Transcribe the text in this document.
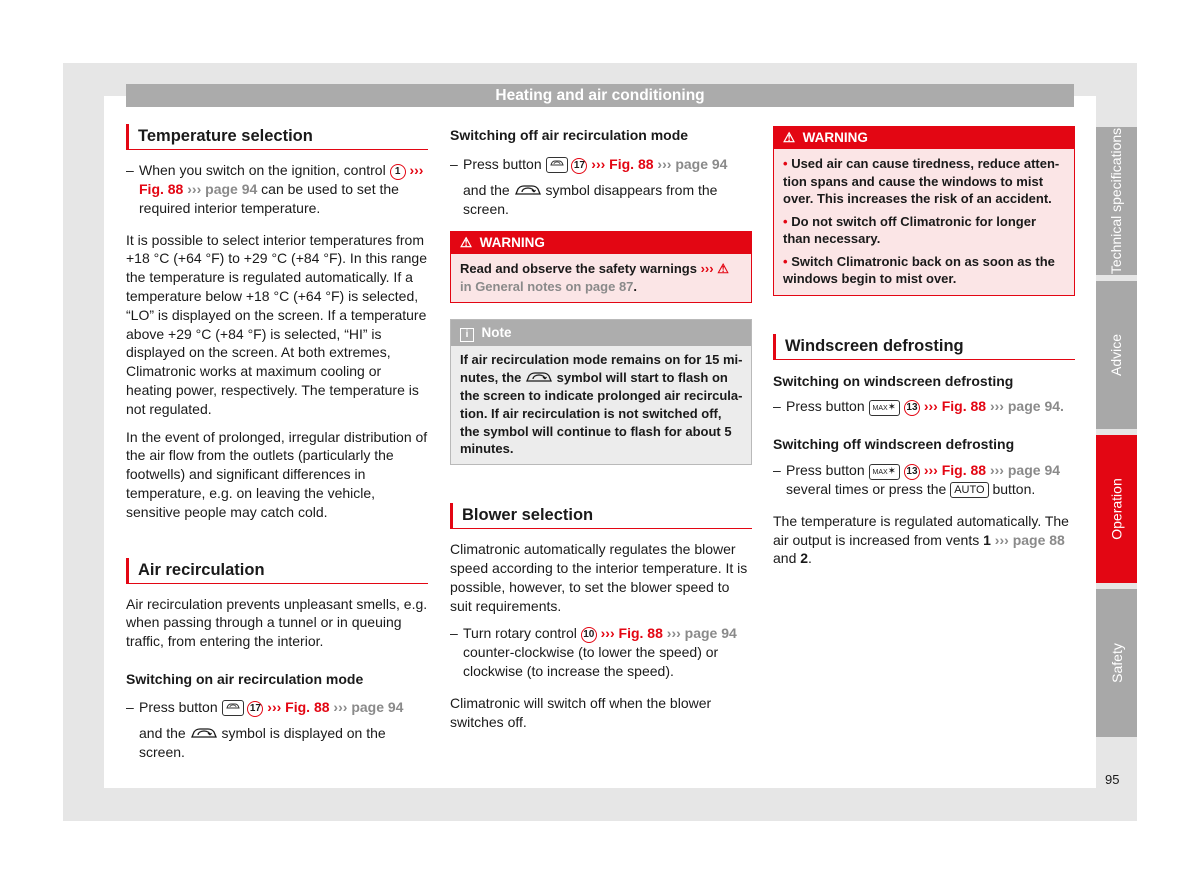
Heating and air conditioning
Temperature selection
– When you switch on the ignition, control 1 ››› Fig. 88 ››› page 94 can be used to set the required interior temperature.

It is possible to select interior temperatures from +18 °C (+64 °F) to +29 °C (+84 °F). In this range the temperature is regulated automatically. If a temperature below +18 °C (+64 °F) is selected, “LO” is displayed on the screen. If a temperature above +29 °C (+84 °F) is selected, “HI” is displayed on the screen. At both extremes, Climatronic works at maximum cooling or heating power, respectively. The temperature is not regulated.

In the event of prolonged, irregular distribution of the air flow from the outlets (particularly the footwells) and significant differences in temperature, e.g. on leaving the vehicle, sensitive people may catch cold.

Air recirculation

Air recirculation prevents unpleasant smells, e.g. when passing through a tunnel or in queuing traffic, from entering the interior.

Switching on air recirculation mode
– Press button	17 ››› Fig. 88 ››› page 94

and the	symbol is displayed on the screen.

Switching off air recirculation mode
– Press button	17 ››› Fig. 88 ››› page 94

and the	symbol disappears from the screen.

⚠ WARNING
Read and observe the safety warnings ››› ⚠ in General notes on page 87.
i Note
If air recirculation mode remains on for 15 minutes, the	symbol will start to flash on the screen to indicate prolonged air recirculation. If air recirculation is not switched off, the symbol will continue to flash for about 5 minutes.
Blower selection

Climatronic automatically regulates the blower speed according to the interior temperature. It is possible, however, to set the blower speed to suit requirements.

– Turn rotary control 10 ››› Fig. 88 ››› page 94 counter-clockwise (to lower the speed) or clockwise (to increase the speed).

Climatronic will switch off when the blower switches off.

⚠ WARNING

• Used air can cause tiredness, reduce attention spans and cause the windows to mist over. This increases the risk of an accident.

• Do not switch off Climatronic for longer than necessary.

• Switch Climatronic back on as soon as the windows begin to mist over.

Windscreen defrosting
Switching on windscreen defrosting
– Press button MAX✶ 13 ››› Fig. 88 ››› page 94.
Switching off windscreen defrosting
– Press button MAX✶ 13 ››› Fig. 88 ››› page 94 several times or press the AUTO button.

The temperature is regulated automatically. The air output is increased from vents 1 ››› page 88 and 2.

Technical specifications
Advice
Operation
Safety
95
